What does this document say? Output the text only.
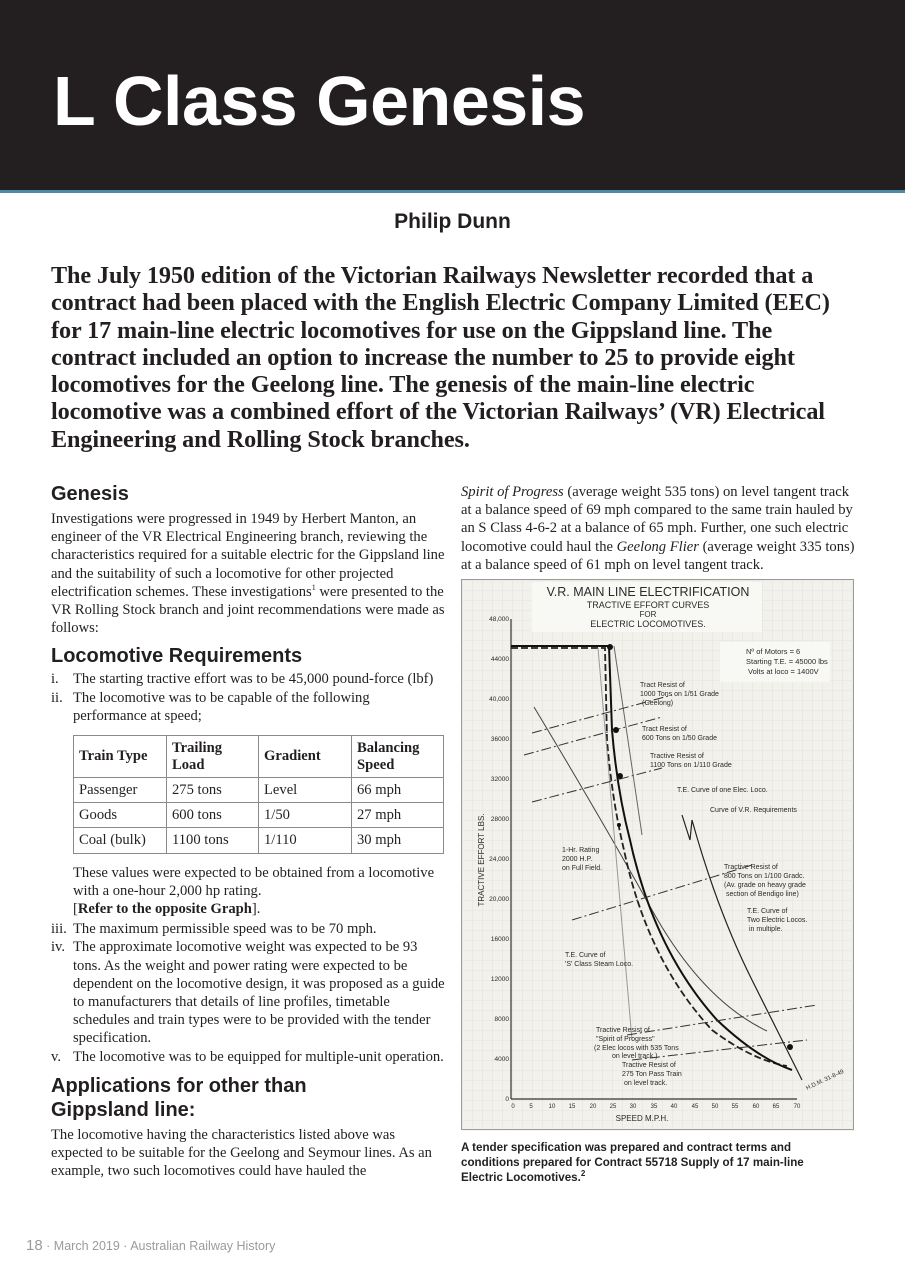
L Class Genesis
Philip Dunn

The July 1950 edition of the Victorian Railways Newsletter recorded that a contract had been placed with the English Electric Company Limited (EEC) for 17 main-line electric locomotives for use on the Gippsland line. The contract included an option to increase the number to 25 to provide eight locomotives for the Geelong line. The genesis of the main-line electric locomotive was a combined effort of the Victorian Railways’ (VR) Electrical Engineering and Rolling Stock branches.

Genesis

Investigations were progressed in 1949 by Herbert Manton, an engineer of the VR Electrical Engineering branch, reviewing the characteristics required for a suitable electric for the Gippsland line and the suitability of such a locomotive for other projected electrification schemes. These investigations$^1$ were presented to the VR Rolling Stock branch and joint recommendations were made as follows:

Locomotive Requirements
i. The starting tractive effort was to be 45,000 pound-force (lbf)
ii. The locomotive was to be capable of the following performance at speed;
Train Type	Trailing Load	Gradient	Balancing Speed
Passenger	275 tons	Level	66 mph
Goods	600 tons	1/50	27 mph
Coal (bulk)	1100 tons	1/110	30 mph

These values were expected to be obtained from a locomotive with a one-hour 2,000 hp rating.
[Refer to the opposite Graph].

iii. The maximum permissible speed was to be 70 mph.
iv. The approximate locomotive weight was expected to be 93 tons. As the weight and power rating were expected to be dependent on the locomotive design, it was proposed as a guide to manufacturers that details of line profiles, timetable schedules and train types were to be provided with the tender specification.
v. The locomotive was to be equipped for multiple-unit operation.
Applications for other than
Gippsland line:

The locomotive having the characteristics listed above was expected to be suitable for the Geelong and Seymour lines. As an example, two such locomotives could have hauled the

Spirit of Progress (average weight 535 tons) on level tangent track at a balance speed of 69 mph compared to the same train hauled by an S Class 4-6-2 at a balance of 65 mph. Further, one such electric locomotive could haul the Geelong Flier (average weight 335 tons) at a balance speed of 61 mph on level tangent track.

V.R. MAIN LINE ELECTRIFICATION
TRACTIVE EFFORT CURVES
FOR
ELECTRIC LOCOMOTIVES.
Nº of Motors = 6
Starting T.E. = 45000 lbs
Volts at loco = 1400V
0
4000
8000
12000
16000
20,000
24,000
28000
32000
36000
40,000
44000
48,000
0 5	10 15 20 25 30 35 40 45 50 55 60 65 70
SPEED M.P.H.
TRACTIVE EFFORT LBS.
Tract Resist of
1000 Tons on 1/51 Grade
(Geelong)
Tract Resist of
600 Tons on 1/50 Grade
Tractive Resist of
1100 Tons on 1/110 Grade
T.E. Curve of one Elec. Loco.
Curve of V.R. Requirements
1-Hr. Rating
2000 H.P.
on Full Field.	Tractive Resist of
800 Tons on 1/100 Gradc.
(Av. grade on heavy grade
section of Bendigo line)
T.E. Curve of
Two Electric Locos.
in multiple.
T.E. Curve of
'S' Class Steam Loco.
Tractive Resist of
"Spirit of Progress"
(2 Elec locos with 535 Tons
on level track.)
Tractive Resist of
275 Ton Pass Train
on level track.	H.D.M. 31-8-49

A tender specification was prepared and contract terms and conditions prepared for Contract 55718 Supply of 17 main-line Electric Locomotives.$^2$

18 · March 2019 · Australian Railway History
